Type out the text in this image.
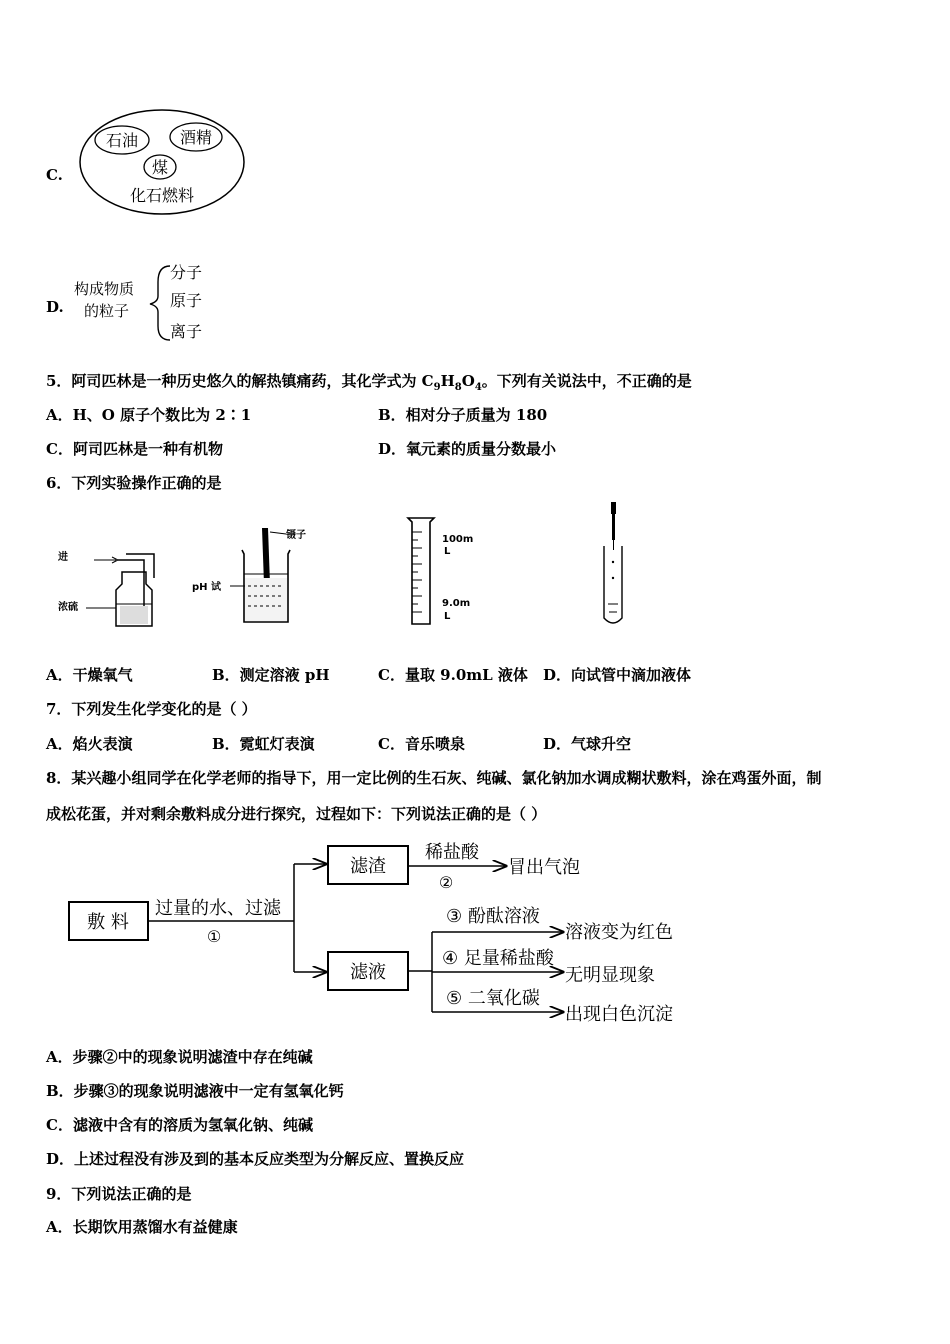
C.
石油	酒精
煤
化石燃料
D.
构成物质
的粒子
分子
原子
离子
5．阿司匹林是一种历史悠久的解热镇痛药，其化学式为 $C_9H_8O_4$。下列有关说法中，不正确的是
A．H、O 原子个数比为 2∶1	B．相对分子质量为 180
C．阿司匹林是一种有机物	D．氧元素的质量分数最小
6．下列实验操作正确的是
进
浓硫
镊子
pH 试
100m
L
9.0m
L
A．干燥氧气	B．测定溶液 pH	C．量取 9.0mL 液体 D．向试管中滴加液体
7．下列发生化学变化的是（ ）
A．焰火表演	B．霓虹灯表演	C．音乐喷泉	D．气球升空
8．某兴趣小组同学在化学老师的指导下，用一定比例的生石灰、纯碱、氯化钠加水调成糊状敷料，涂在鸡蛋外面，制
成松花蛋，并对剩余敷料成分进行探究，过程如下：下列说法正确的是（ ）
敷 料
过量的水、过滤
①
滤渣
稀盐酸
②
冒出气泡
滤液
③ 酚酞溶液
④ 足量稀盐酸
⑤ 二氧化碳
溶液变为红色
无明显现象
出现白色沉淀
A．步骤②中的现象说明滤渣中存在纯碱
B．步骤③的现象说明滤液中一定有氢氧化钙
C．滤液中含有的溶质为氢氧化钠、纯碱
D．上述过程没有涉及到的基本反应类型为分解反应、置换反应
9．下列说法正确的是
A．长期饮用蒸馏水有益健康
